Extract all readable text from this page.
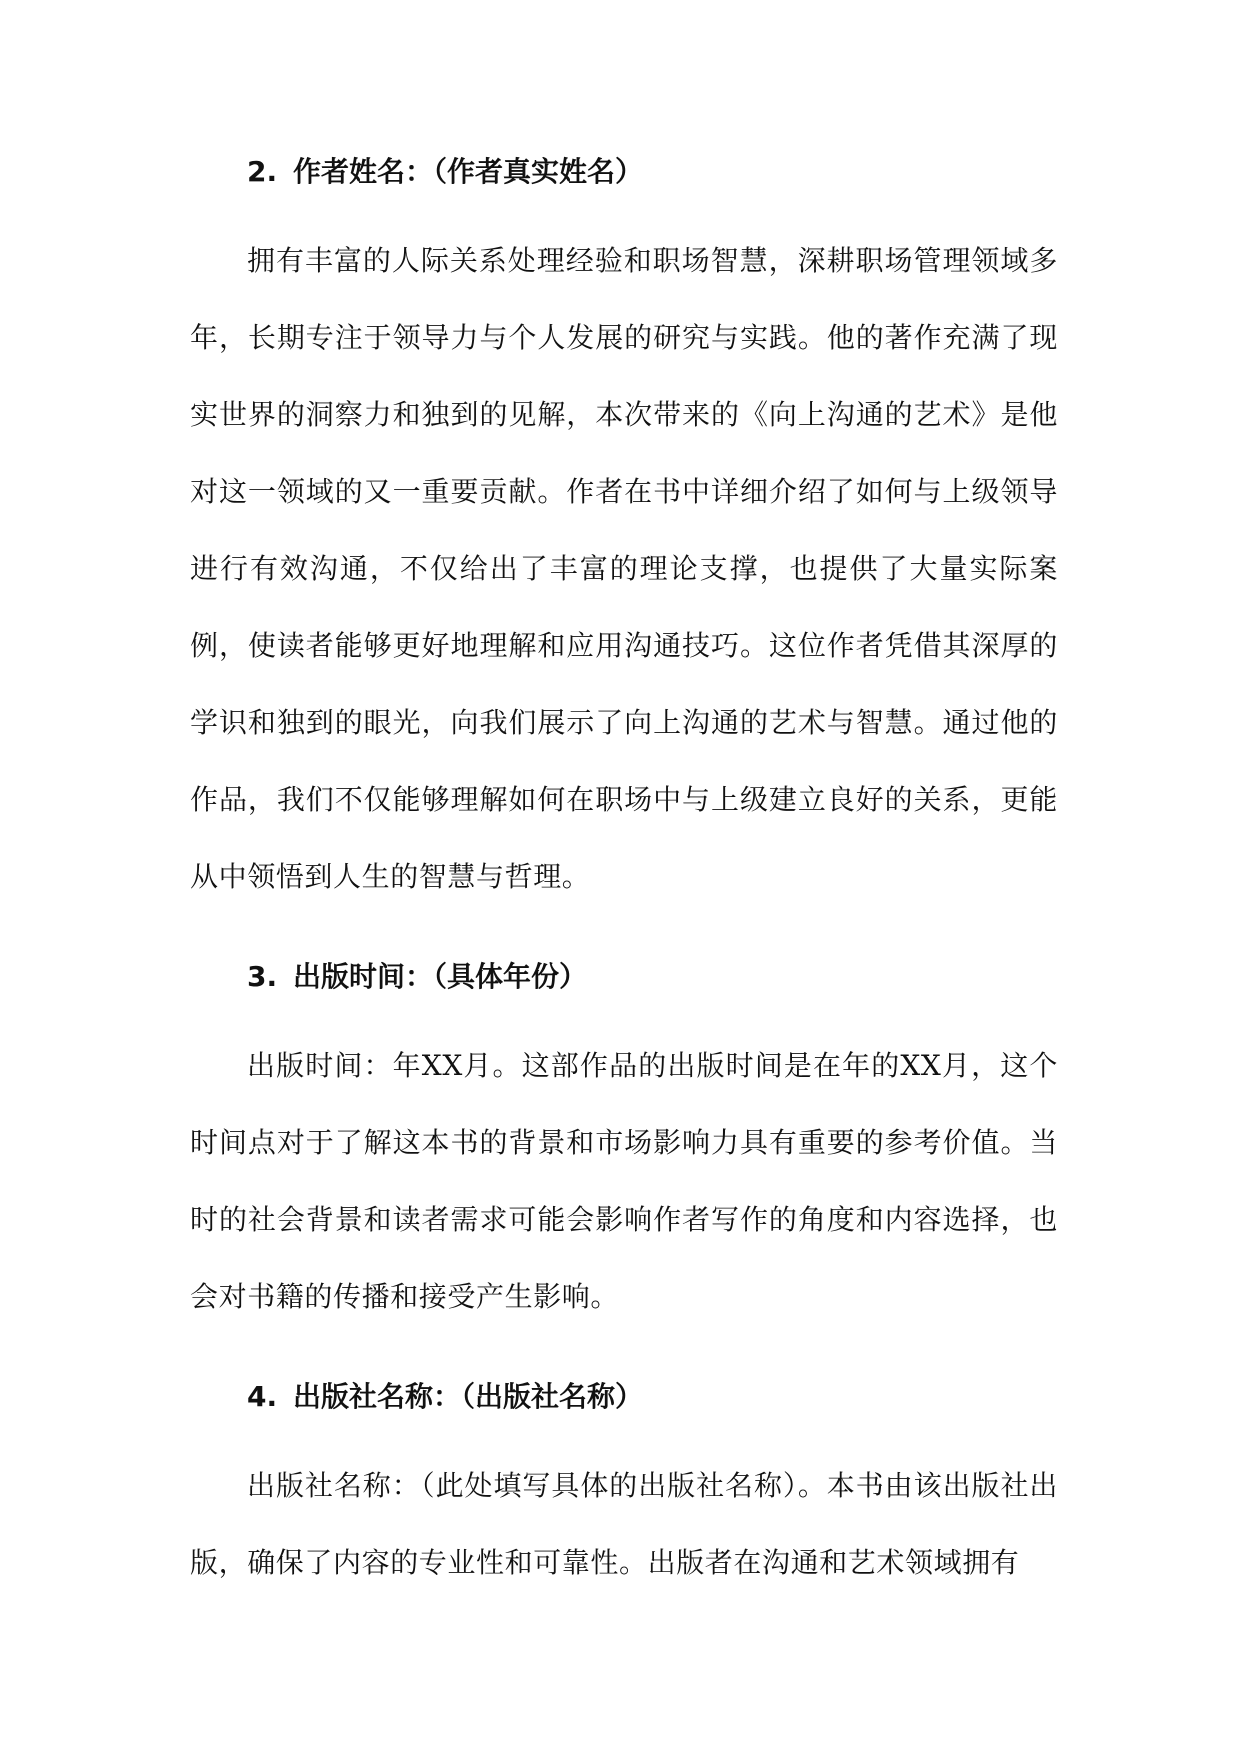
2. 作者姓名：（作者真实姓名）

拥有丰富的人际关系处理经验和职场智慧，深耕职场管理领域多年，长期专注于领导力与个人发展的研究与实践。他的著作充满了现实世界的洞察力和独到的见解，本次带来的《向上沟通的艺术》是他对这一领域的又一重要贡献。作者在书中详细介绍了如何与上级领导进行有效沟通，不仅给出了丰富的理论支撑，也提供了大量实际案例，使读者能够更好地理解和应用沟通技巧。这位作者凭借其深厚的学识和独到的眼光，向我们展示了向上沟通的艺术与智慧。通过他的作品，我们不仅能够理解如何在职场中与上级建立良好的关系，更能从中领悟到人生的智慧与哲理。

3. 出版时间：（具体年份）

出版时间：年XX月。这部作品的出版时间是在年的XX月，这个时间点对于了解这本书的背景和市场影响力具有重要的参考价值。当时的社会背景和读者需求可能会影响作者写作的角度和内容选择，也会对书籍的传播和接受产生影响。

4. 出版社名称：（出版社名称）

出版社名称：（此处填写具体的出版社名称）。本书由该出版社出版，确保了内容的专业性和可靠性。出版者在沟通和艺术领域拥有
